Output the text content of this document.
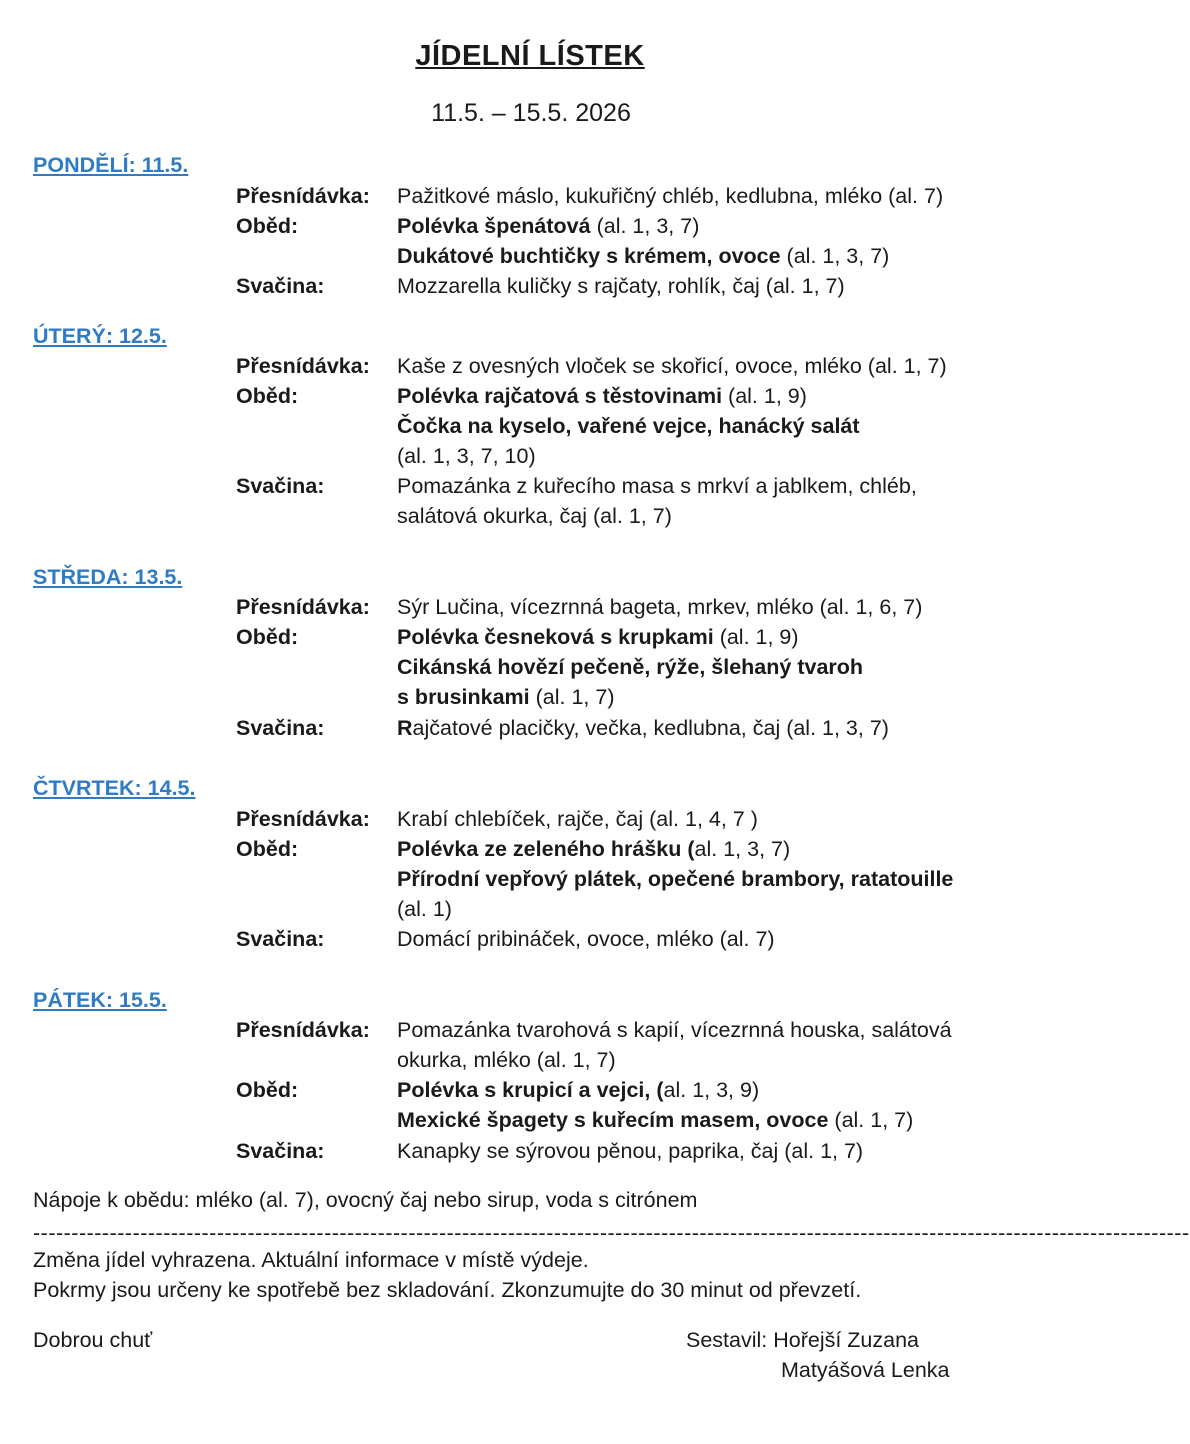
JÍDELNÍ LÍSTEK
11.5. – 15.5. 2026
PONDĚLÍ: 11.5.
Přesnídávka: Pažitkové máslo, kukuřičný chléb, kedlubna, mléko (al. 7)
Oběd:	Polévka špenátová (al. 1, 3, 7)
Dukátové buchtičky s krémem, ovoce (al. 1, 3, 7)
Svačina:	Mozzarella kuličky s rajčaty, rohlík, čaj (al. 1, 7)
ÚTERÝ: 12.5.
Přesnídávka: Kaše z ovesných vloček se skořicí, ovoce, mléko (al. 1, 7)
Oběd:	Polévka rajčatová s těstovinami (al. 1, 9)
Čočka na kyselo, vařené vejce, hanácký salát
(al. 1, 3, 7, 10)
Svačina:	Pomazánka z kuřecího masa s mrkví a jablkem, chléb,
salátová okurka, čaj (al. 1, 7)
STŘEDA: 13.5.
Přesnídávka: Sýr Lučina, vícezrnná bageta, mrkev, mléko (al. 1, 6, 7)
Oběd:	Polévka česneková s krupkami (al. 1, 9)
Cikánská hovězí pečeně, rýže, šlehaný tvaroh
s brusinkami (al. 1, 7)
Svačina:	Rajčatové placičky, večka, kedlubna, čaj (al. 1, 3, 7)
ČTVRTEK: 14.5.
Přesnídávka: Krabí chlebíček, rajče, čaj (al. 1, 4, 7 )
Oběd:	Polévka ze zeleného hrášku (al. 1, 3, 7)
Přírodní vepřový plátek, opečené brambory, ratatouille
(al. 1)
Svačina:	Domácí pribináček, ovoce, mléko (al. 7)
PÁTEK: 15.5.
Přesnídávka: Pomazánka tvarohová s kapií, vícezrnná houska, salátová
okurka, mléko (al. 1, 7)
Oběd:	Polévka s krupicí a vejci, (al. 1, 3, 9)
Mexické špagety s kuřecím masem, ovoce (al. 1, 7)
Svačina:	Kanapky se sýrovou pěnou, paprika, čaj (al. 1, 7)
Nápoje k obědu: mléko (al. 7), ovocný čaj nebo sirup, voda s citrónem
-------------------------------------------------------------------------------------------------------------------------------------------------------
Změna jídel vyhrazena. Aktuální informace v místě výdeje.
Pokrmy jsou určeny ke spotřebě bez skladování. Zkonzumujte do 30 minut od převzetí.
Dobrou chuť	Sestavil: Hořejší Zuzana
Matyášová Lenka
